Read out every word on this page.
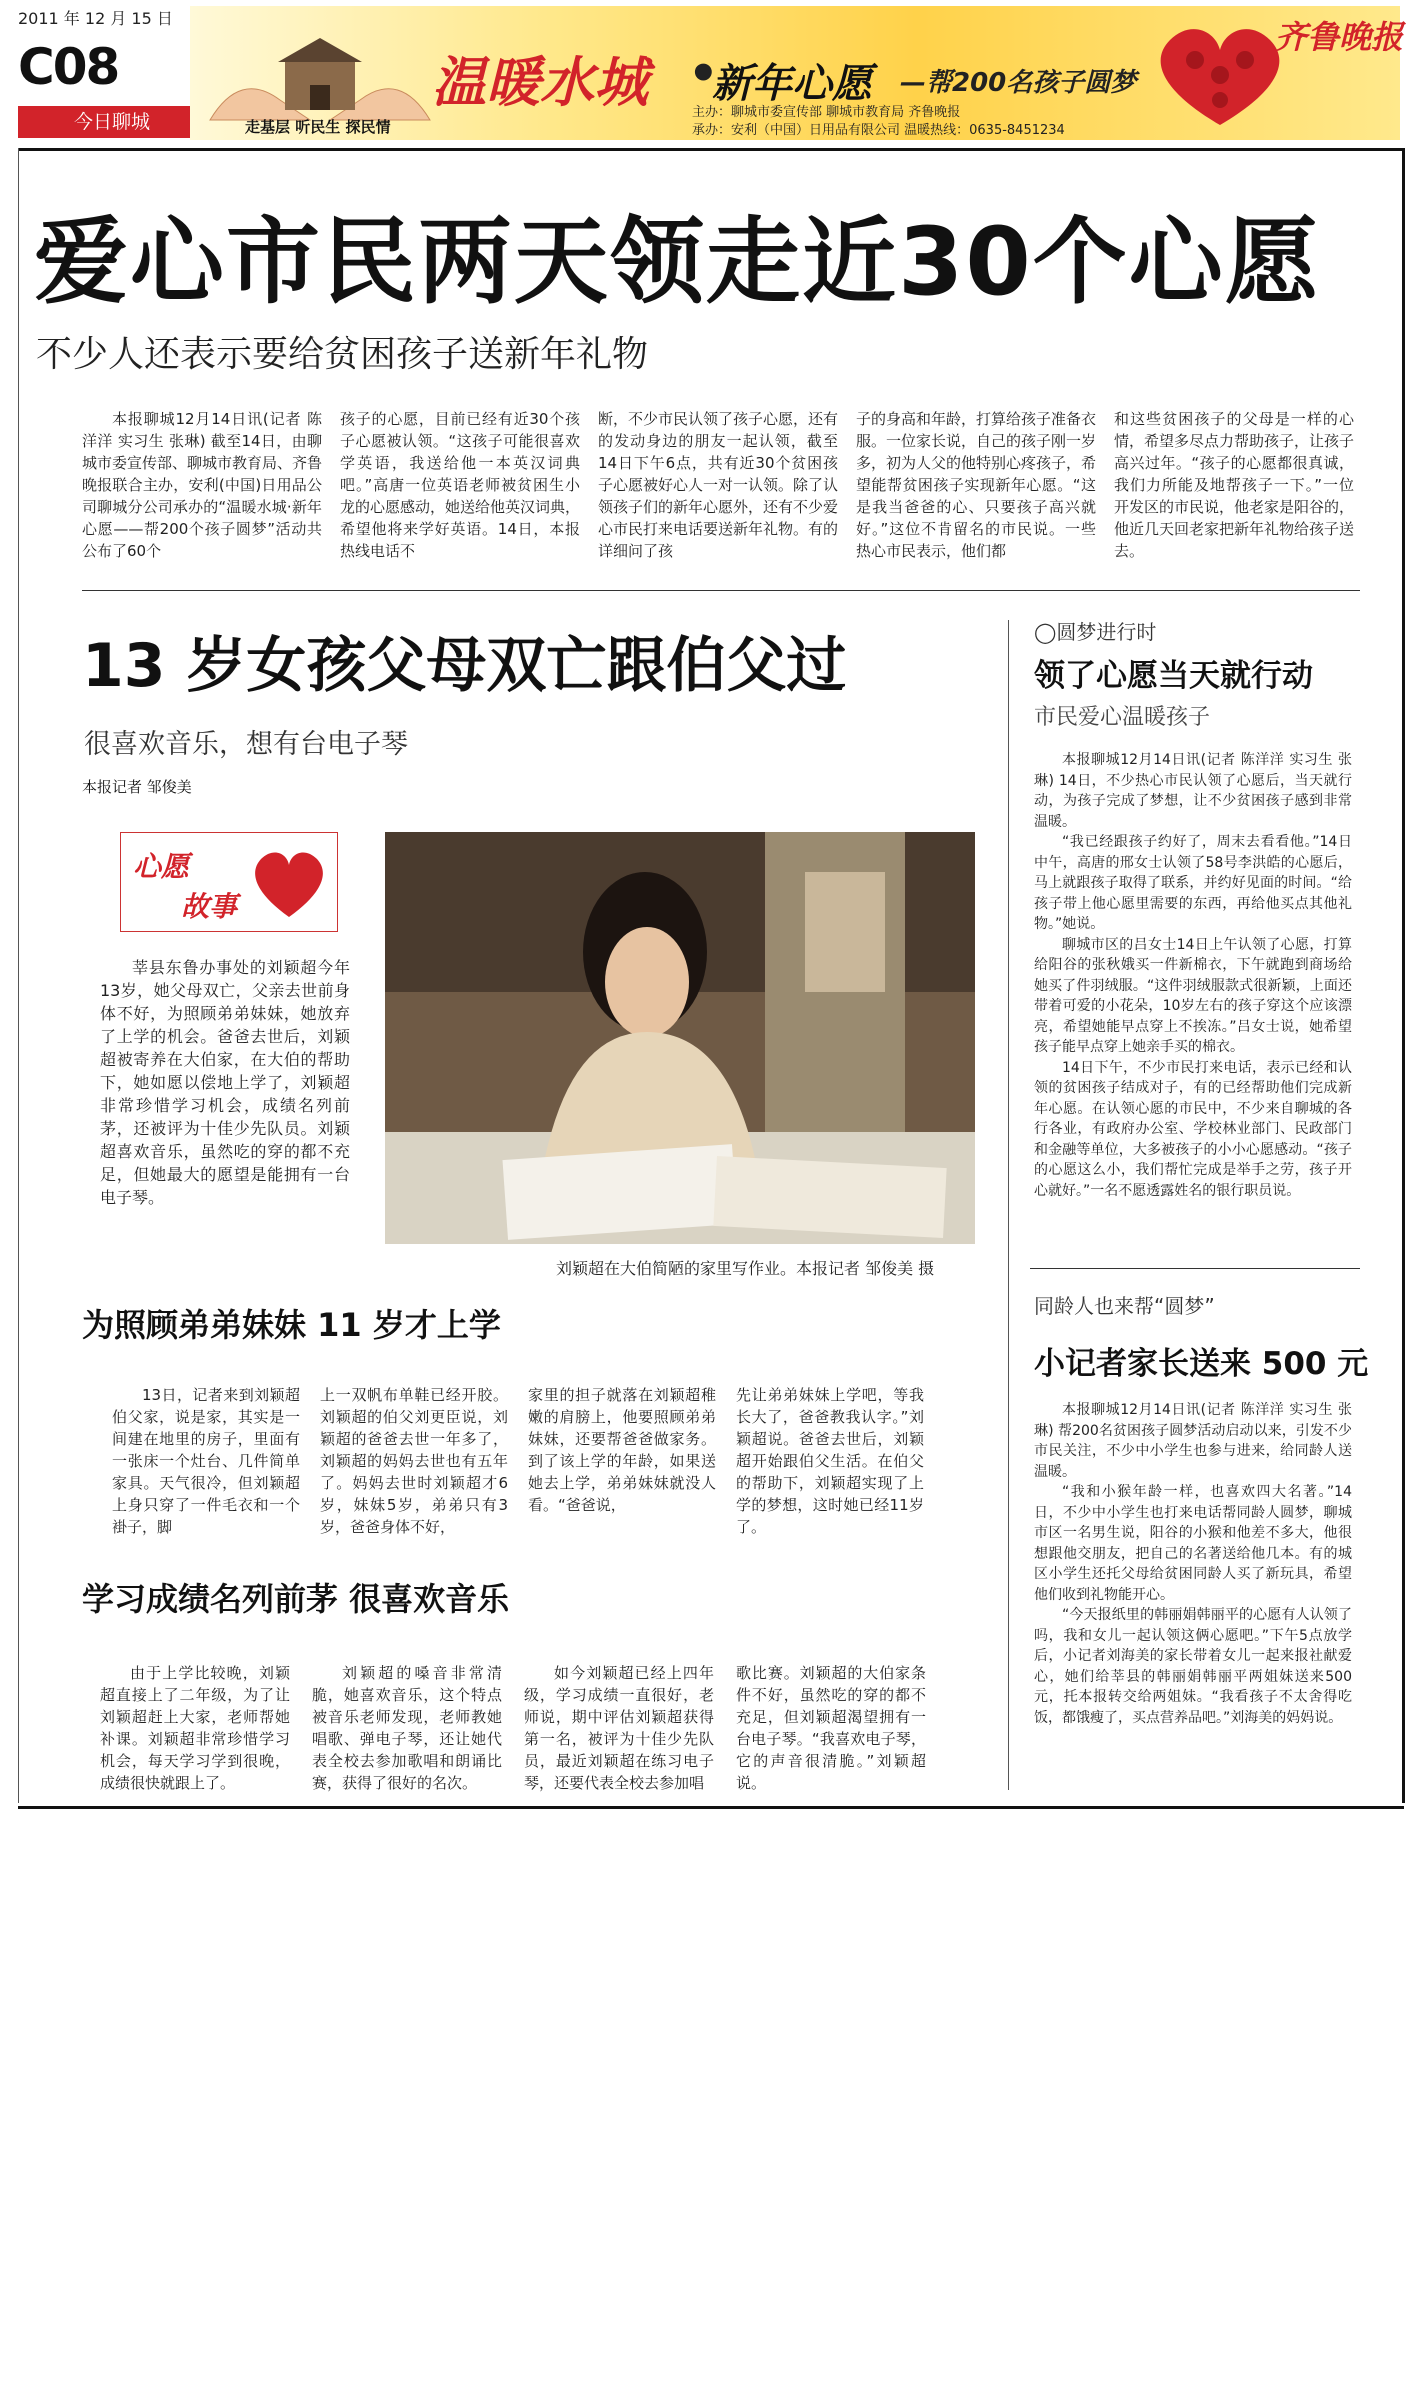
2011 年 12 月 15 日
C08
今日聊城
温暖水城 •
新年心愿 —帮200名孩子圆梦
走基层 听民生 探民情
主办：聊城市委宣传部 聊城市教育局 齐鲁晚报
承办：安利（中国）日用品有限公司 温暖热线：0635-8451234
齐鲁晚报
爱心市民两天领走近30个心愿
不少人还表示要给贫困孩子送新年礼物

本报聊城12月14日讯(记者 陈洋洋 实习生 张琳) 截至14日，由聊城市委宣传部、聊城市教育局、齐鲁晚报联合主办，安利(中国)日用品公司聊城分公司承办的“温暖水城·新年心愿——帮200个孩子圆梦”活动共公布了60个

孩子的心愿，目前已经有近30个孩子心愿被认领。“这孩子可能很喜欢学英语，我送给他一本英汉词典吧。”高唐一位英语老师被贫困生小龙的心愿感动，她送给他英汉词典，希望他将来学好英语。14日，本报热线电话不

断，不少市民认领了孩子心愿，还有的发动身边的朋友一起认领，截至14日下午6点，共有近30个贫困孩子心愿被好心人一对一认领。除了认领孩子们的新年心愿外，还有不少爱心市民打来电话要送新年礼物。有的详细问了孩

子的身高和年龄，打算给孩子准备衣服。一位家长说，自己的孩子刚一岁多，初为人父的他特别心疼孩子，希望能帮贫困孩子实现新年心愿。“这是我当爸爸的心、只要孩子高兴就好。”这位不肯留名的市民说。一些热心市民表示，他们都

和这些贫困孩子的父母是一样的心情，希望多尽点力帮助孩子，让孩子高兴过年。“孩子的心愿都很真诚，我们力所能及地帮孩子一下。”一位开发区的市民说，他老家是阳谷的，他近几天回老家把新年礼物给孩子送去。

13 岁女孩父母双亡跟伯父过
很喜欢音乐，想有台电子琴
本报记者 邹俊美
心愿
故事

莘县东鲁办事处的刘颖超今年13岁，她父母双亡，父亲去世前身体不好，为照顾弟弟妹妹，她放弃了上学的机会。爸爸去世后，刘颖超被寄养在大伯家，在大伯的帮助下，她如愿以偿地上学了，刘颖超非常珍惜学习机会，成绩名列前茅，还被评为十佳少先队员。刘颖超喜欢音乐，虽然吃的穿的都不充足，但她最大的愿望是能拥有一台电子琴。

刘颖超在大伯简陋的家里写作业。本报记者 邹俊美 摄
为照顾弟弟妹妹 11 岁才上学

13日，记者来到刘颖超伯父家，说是家，其实是一间建在地里的房子，里面有一张床一个灶台、几件简单家具。天气很冷，但刘颖超上身只穿了一件毛衣和一个褂子，脚

上一双帆布单鞋已经开胶。刘颖超的伯父刘更臣说，刘颖超的爸爸去世一年多了，刘颖超的妈妈去世也有五年了。妈妈去世时刘颖超才6岁，妹妹5岁，弟弟只有3岁，爸爸身体不好，

家里的担子就落在刘颖超稚嫩的肩膀上，他要照顾弟弟妹妹，还要帮爸爸做家务。到了该上学的年龄，如果送她去上学，弟弟妹妹就没人看。“爸爸说，

先让弟弟妹妹上学吧，等我长大了，爸爸教我认字。”刘颖超说。爸爸去世后，刘颖超开始跟伯父生活。在伯父的帮助下，刘颖超实现了上学的梦想，这时她已经11岁了。

学习成绩名列前茅 很喜欢音乐

由于上学比较晚，刘颖超直接上了二年级，为了让刘颖超赶上大家，老师帮她补课。刘颖超非常珍惜学习机会，每天学习学到很晚，成绩很快就跟上了。

刘颖超的嗓音非常清脆，她喜欢音乐，这个特点被音乐老师发现，老师教她唱歌、弹电子琴，还让她代表全校去参加歌唱和朗诵比赛，获得了很好的名次。

如今刘颖超已经上四年级，学习成绩一直很好，老师说，期中评估刘颖超获得第一名，被评为十佳少先队员，最近刘颖超在练习电子琴，还要代表全校去参加唱

歌比赛。刘颖超的大伯家条件不好，虽然吃的穿的都不充足，但刘颖超渴望拥有一台电子琴。“我喜欢电子琴，它的声音很清脆。”刘颖超说。

◯圆梦进行时
领了心愿当天就行动
市民爱心温暖孩子

本报聊城12月14日讯(记者 陈洋洋 实习生 张琳) 14日，不少热心市民认领了心愿后，当天就行动，为孩子完成了梦想，让不少贫困孩子感到非常温暖。

“我已经跟孩子约好了，周末去看看他。”14日中午，高唐的邢女士认领了58号李洪皓的心愿后，马上就跟孩子取得了联系，并约好见面的时间。“给孩子带上他心愿里需要的东西，再给他买点其他礼物。”她说。

聊城市区的吕女士14日上午认领了心愿，打算给阳谷的张秋娥买一件新棉衣，下午就跑到商场给她买了件羽绒服。“这件羽绒服款式很新颖，上面还带着可爱的小花朵，10岁左右的孩子穿这个应该漂亮，希望她能早点穿上不挨冻。”吕女士说，她希望孩子能早点穿上她亲手买的棉衣。

14日下午，不少市民打来电话，表示已经和认领的贫困孩子结成对子，有的已经帮助他们完成新年心愿。在认领心愿的市民中，不少来自聊城的各行各业，有政府办公室、学校林业部门、民政部门和金融等单位，大多被孩子的小小心愿感动。“孩子的心愿这么小，我们帮忙完成是举手之劳，孩子开心就好。”一名不愿透露姓名的银行职员说。

同龄人也来帮“圆梦”
小记者家长送来 500 元

本报聊城12月14日讯(记者 陈洋洋 实习生 张琳) 帮200名贫困孩子圆梦活动启动以来，引发不少市民关注，不少中小学生也参与进来，给同龄人送温暖。

“我和小猴年龄一样，也喜欢四大名著。”14日，不少中小学生也打来电话帮同龄人圆梦，聊城市区一名男生说，阳谷的小猴和他差不多大，他很想跟他交朋友，把自己的名著送给他几本。有的城区小学生还托父母给贫困同龄人买了新玩具，希望他们收到礼物能开心。

“今天报纸里的韩丽娟韩丽平的心愿有人认领了吗，我和女儿一起认领这俩心愿吧。”下午5点放学后，小记者刘海美的家长带着女儿一起来报社献爱心，她们给莘县的韩丽娟韩丽平两姐妹送来500元，托本报转交给两姐妹。“我看孩子不太舍得吃饭，都饿瘦了，买点营养品吧。”刘海美的妈妈说。
